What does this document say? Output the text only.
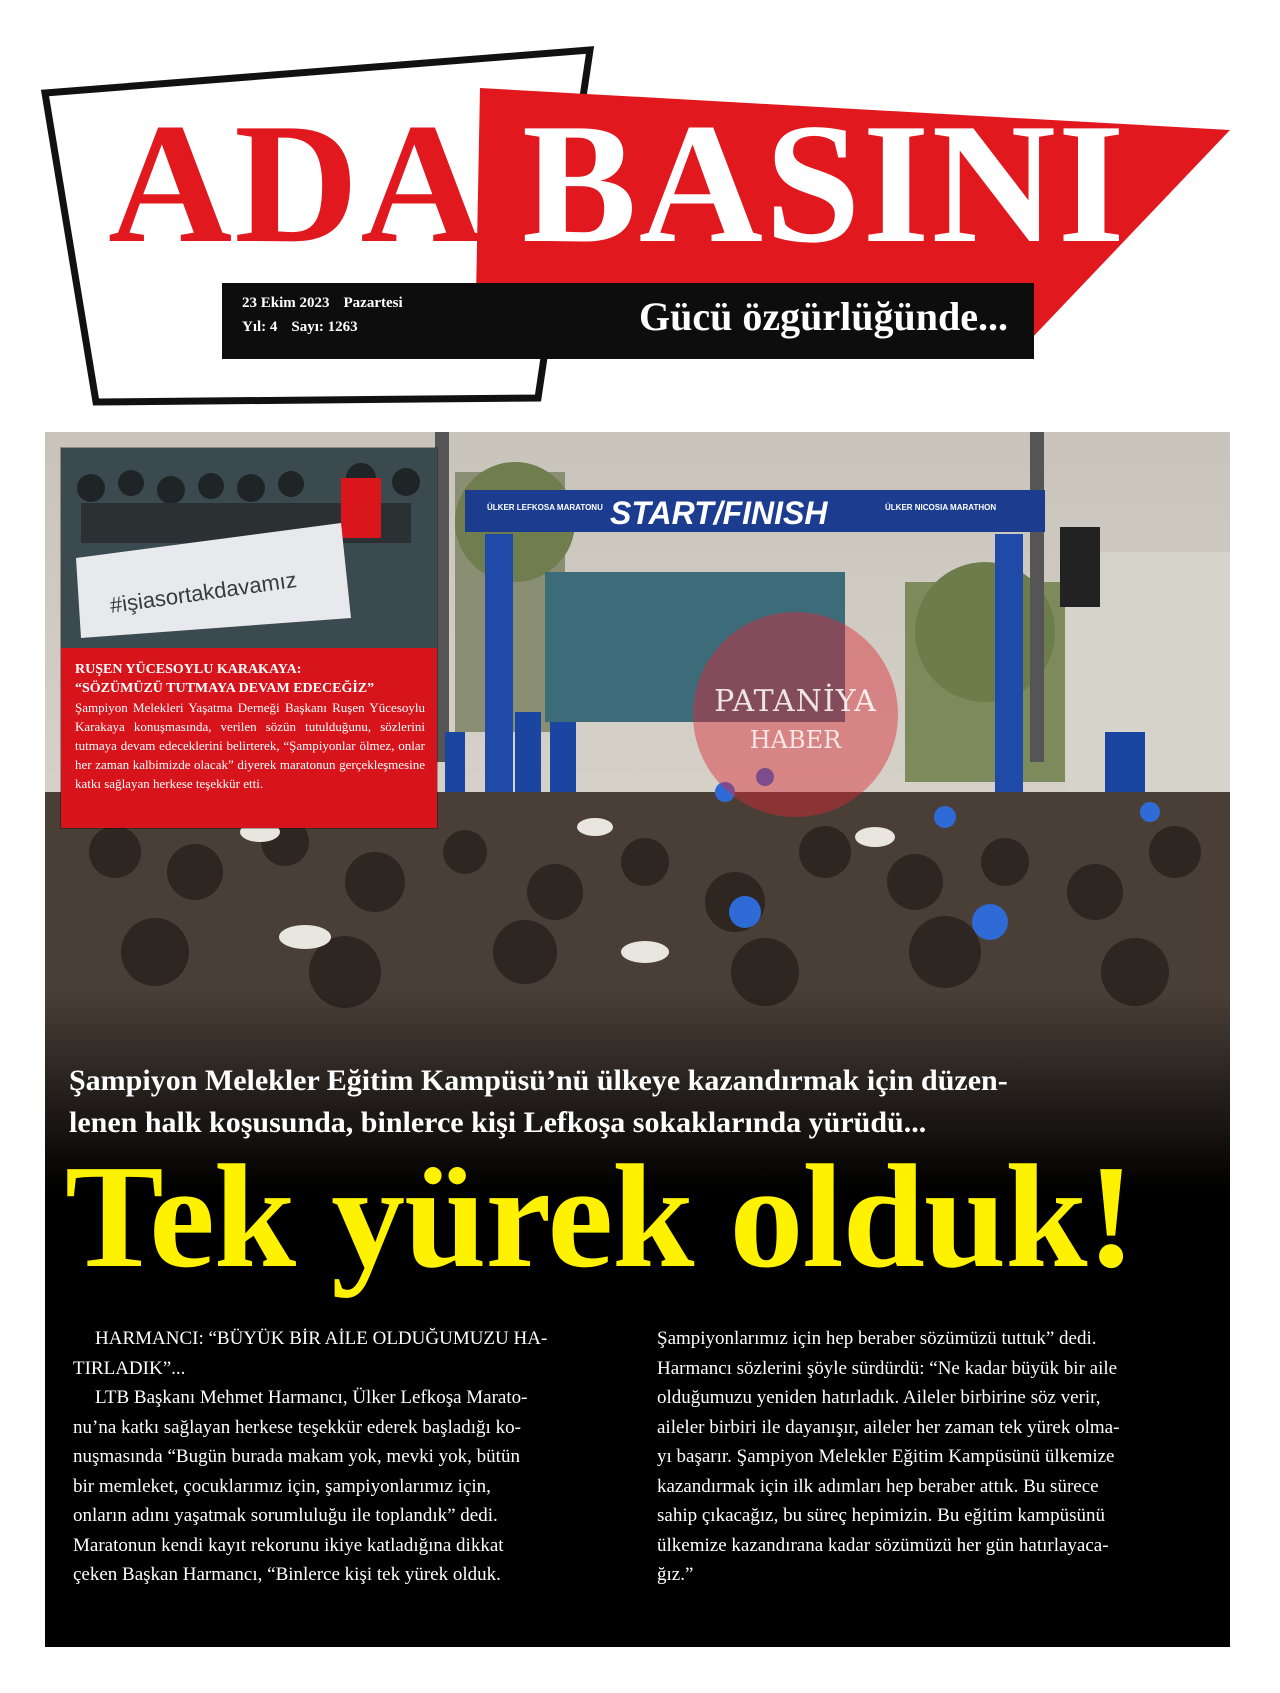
ADA BASINI
23 Ekim 2023 Pazartesi
Yıl: 4 Sayı: 1263	Gücü özgürlüğünde...
START/FINISH
ÜLKER LEFKOSA MARATONU	ÜLKER NICOSIA MARATHON
PATANİYA
HABER
#işiasortakdavamız
RUŞEN YÜCESOYLU KARAKAYA:
“SÖZÜMÜZÜ TUTMAYA DEVAM EDECEĞİZ”
Şampiyon Melekleri Yaşatma Derneği Başkanı Ruşen Yücesoylu Karakaya konuşmasında, verilen sözün tutulduğunu, sözlerini tutmaya devam edeceklerini belirterek, “Şampiyonlar ölmez, onlar her zaman kalbimizde olacak” diyerek maratonun gerçekleşmesine katkı sağlayan herkese teşekkür etti.
Şampiyon Melekler Eğitim Kampüsü’nü ülkeye kazandırmak için düzen-
lenen halk koşusunda, binlerce kişi Lefkoşa sokaklarında yürüdü...
Tek yürek olduk!
HARMANCI: “BÜYÜK BİR AİLE OLDUĞUMUZU HA-
TIRLADIK”...
LTB Başkanı Mehmet Harmancı, Ülker Lefkoşa Marato-
nu’na katkı sağlayan herkese teşekkür ederek başladığı ko-
nuşmasında “Bugün burada makam yok, mevki yok, bütün
bir memleket, çocuklarımız için, şampiyonlarımız için,
onların adını yaşatmak sorumluluğu ile toplandık” dedi.
Maratonun kendi kayıt rekorunu ikiye katladığına dikkat
çeken Başkan Harmancı, “Binlerce kişi tek yürek olduk.
Şampiyonlarımız için hep beraber sözümüzü tuttuk” dedi.
Harmancı sözlerini şöyle sürdürdü: “Ne kadar büyük bir aile
olduğumuzu yeniden hatırladık. Aileler birbirine söz verir,
aileler birbiri ile dayanışır, aileler her zaman tek yürek olma-
yı başarır. Şampiyon Melekler Eğitim Kampüsünü ülkemize
kazandırmak için ilk adımları hep beraber attık. Bu sürece
sahip çıkacağız, bu süreç hepimizin. Bu eğitim kampüsünü
ülkemize kazandırana kadar sözümüzü her gün hatırlayaca-
ğız.”
